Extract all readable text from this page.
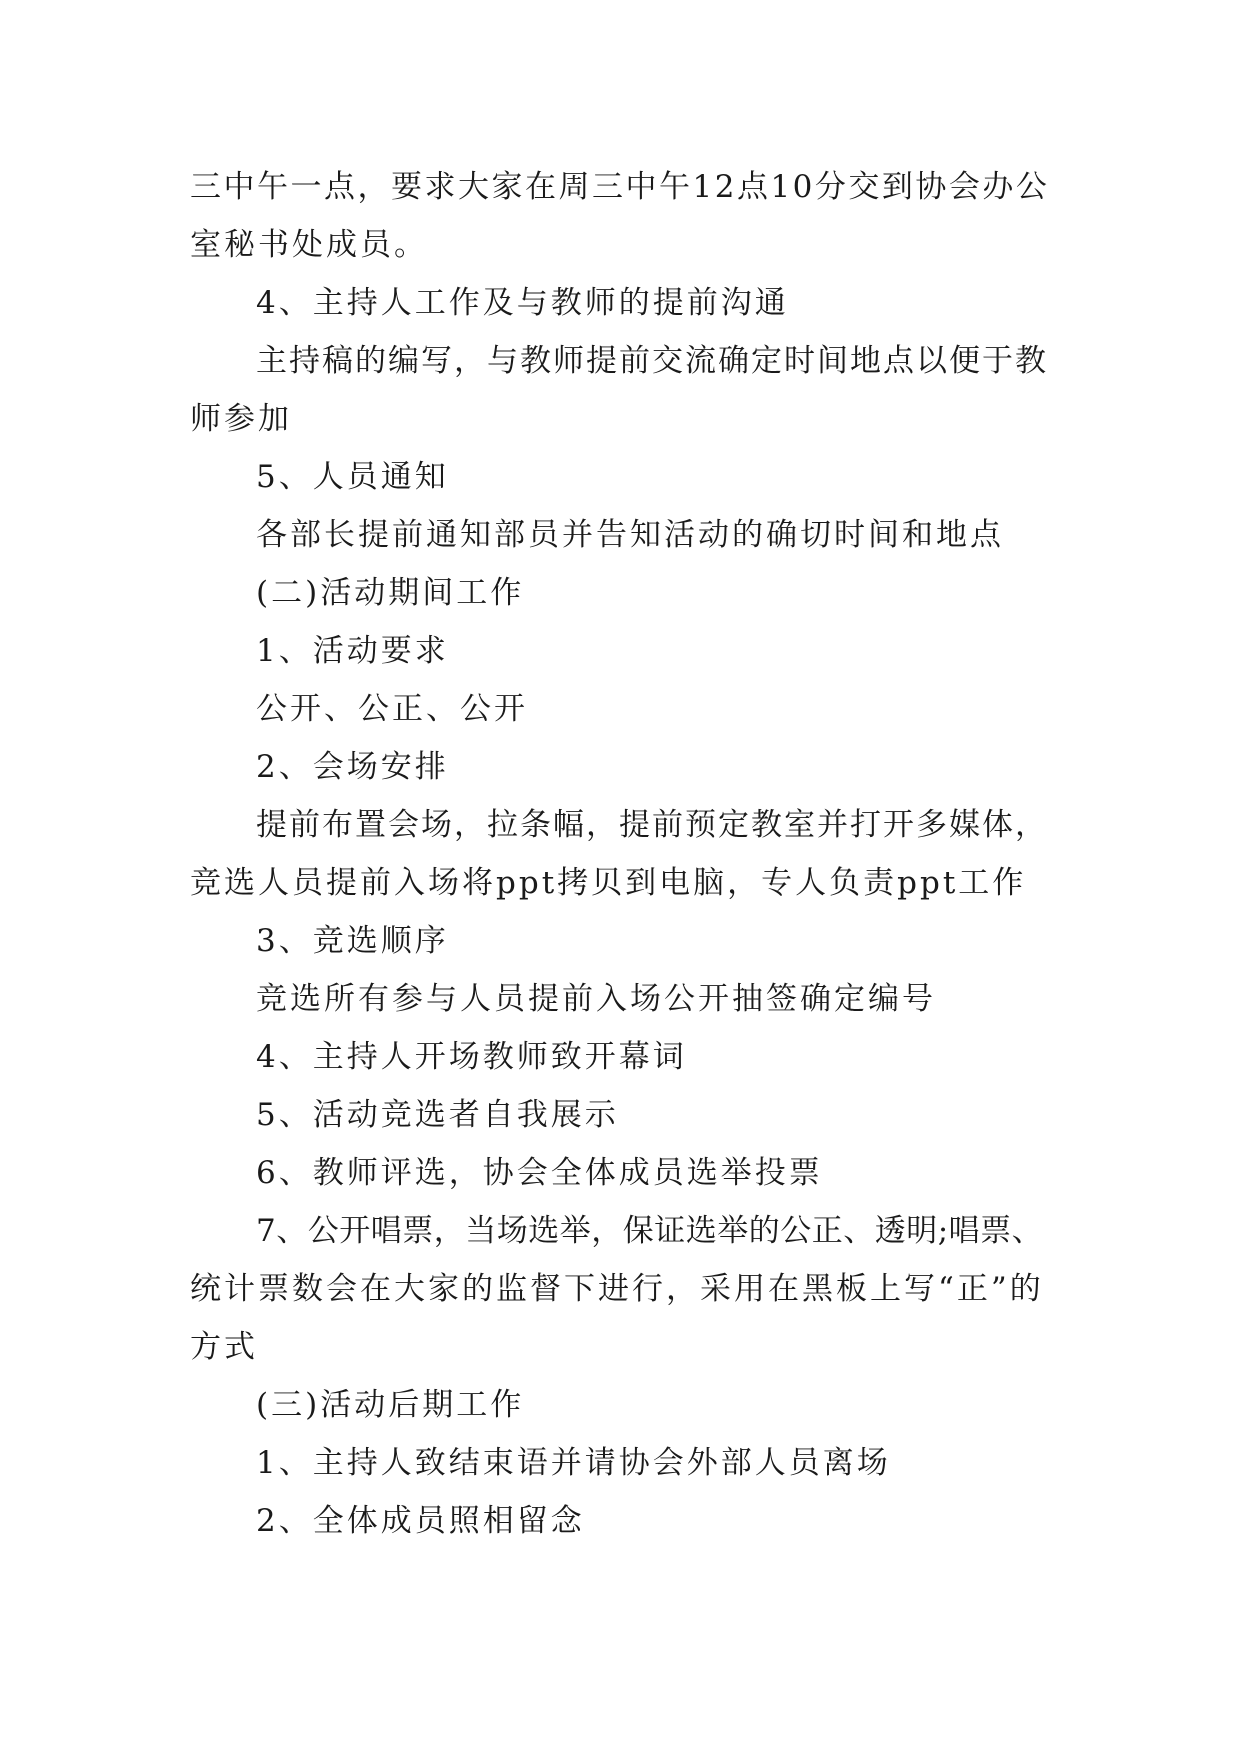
三中午一点，要求大家在周三中午12点10分交到协会办公
室秘书处成员。
4、主持人工作及与教师的提前沟通
主持稿的编写，与教师提前交流确定时间地点以便于教
师参加
5、人员通知
各部长提前通知部员并告知活动的确切时间和地点
(二)活动期间工作
1、活动要求
公开、公正、公开
2、会场安排
提前布置会场，拉条幅，提前预定教室并打开多媒体，
竞选人员提前入场将ppt拷贝到电脑，专人负责ppt工作
3、竞选顺序
竞选所有参与人员提前入场公开抽签确定编号
4、主持人开场教师致开幕词
5、活动竞选者自我展示
6、教师评选，协会全体成员选举投票
7、公开唱票，当场选举，保证选举的公正、透明;唱票、
统计票数会在大家的监督下进行，采用在黑板上写“正”的
方式
(三)活动后期工作
1、主持人致结束语并请协会外部人员离场
2、全体成员照相留念
